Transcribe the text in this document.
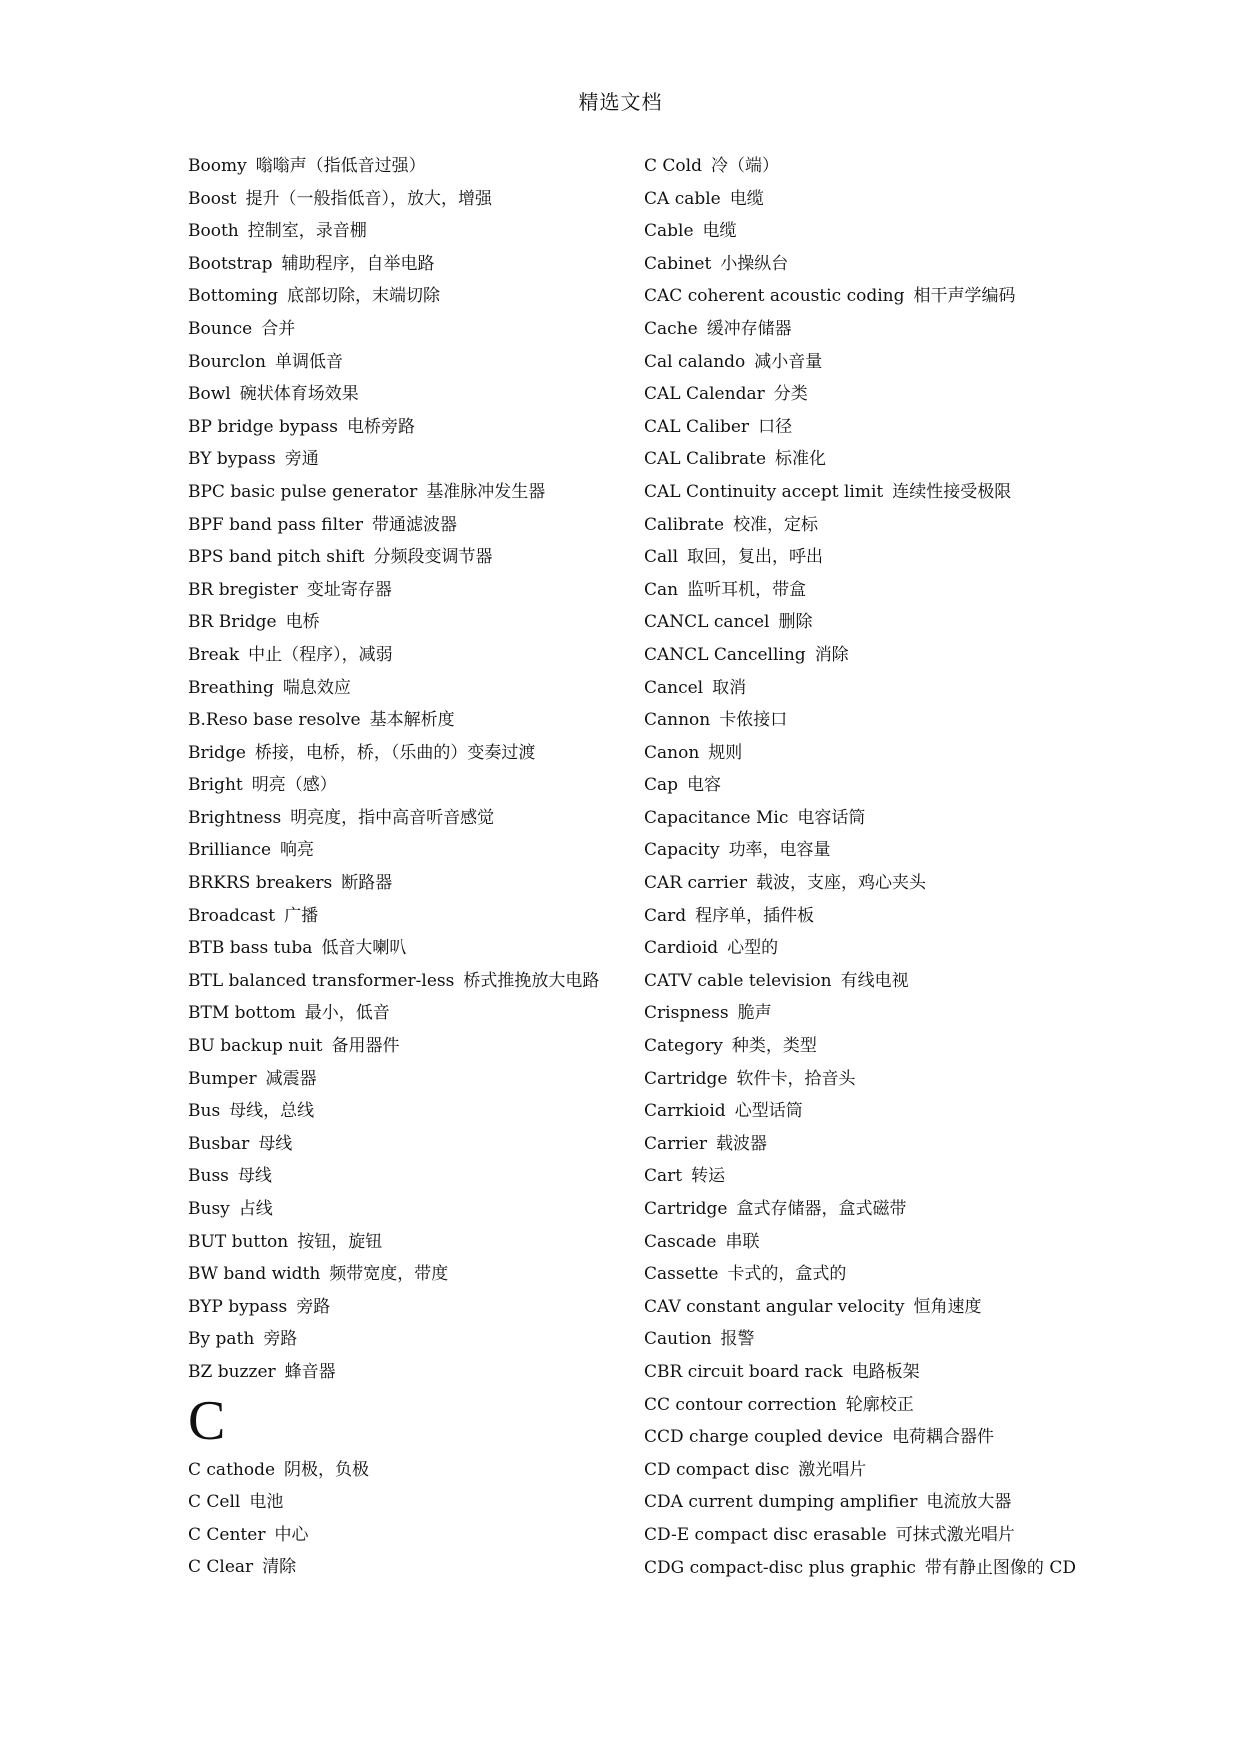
精选文档
Boomy 嗡嗡声（指低音过强）
Boost 提升（一般指低音），放大，增强
Booth 控制室，录音棚
Bootstrap 辅助程序，自举电路
Bottoming 底部切除，末端切除
Bounce 合并
Bourclon 单调低音
Bowl 碗状体育场效果
BP bridge bypass 电桥旁路
BY bypass 旁通
BPC basic pulse generator 基准脉冲发生器
BPF band pass filter 带通滤波器
BPS band pitch shift 分频段变调节器
BR bregister 变址寄存器
BR Bridge 电桥
Break 中止（程序），减弱
Breathing 喘息效应
B.Reso base resolve 基本解析度
Bridge 桥接，电桥，桥，（乐曲的）变奏过渡
Bright 明亮（感）
Brightness 明亮度，指中高音听音感觉
Brilliance 响亮
BRKRS breakers 断路器
Broadcast 广播
BTB bass tuba 低音大喇叭
BTL balanced transformer-less 桥式推挽放大电路
BTM bottom 最小，低音
BU backup nuit 备用器件
Bumper 减震器
Bus 母线，总线
Busbar 母线
Buss 母线
Busy 占线
BUT button 按钮，旋钮
BW band width 频带宽度，带度
BYP bypass 旁路
By path 旁路
BZ buzzer 蜂音器
C
C cathode 阴极，负极
C Cell 电池
C Center 中心
C Clear 清除
C Cold 冷（端）
CA cable 电缆
Cable 电缆
Cabinet 小操纵台
CAC coherent acoustic coding 相干声学编码
Cache 缓冲存储器
Cal calando 减小音量
CAL Calendar 分类
CAL Caliber 口径
CAL Calibrate 标准化
CAL Continuity accept limit 连续性接受极限
Calibrate 校准，定标
Call 取回，复出，呼出
Can 监听耳机，带盒
CANCL cancel 删除
CANCL Cancelling 消除
Cancel 取消
Cannon 卡侬接口
Canon 规则
Cap 电容
Capacitance Mic 电容话筒
Capacity 功率，电容量
CAR carrier 载波，支座，鸡心夹头
Card 程序单，插件板
Cardioid 心型的
CATV cable television 有线电视
Crispness 脆声
Category 种类，类型
Cartridge 软件卡，拾音头
Carrkioid 心型话筒
Carrier 载波器
Cart 转运
Cartridge 盒式存储器，盒式磁带
Cascade 串联
Cassette 卡式的，盒式的
CAV constant angular velocity 恒角速度
Caution 报警
CBR circuit board rack 电路板架
CC contour correction 轮廓校正
CCD charge coupled device 电荷耦合器件
CD compact disc 激光唱片
CDA current dumping amplifier 电流放大器
CD-E compact disc erasable 可抹式激光唱片
CDG compact-disc plus graphic 带有静止图像的 CD
